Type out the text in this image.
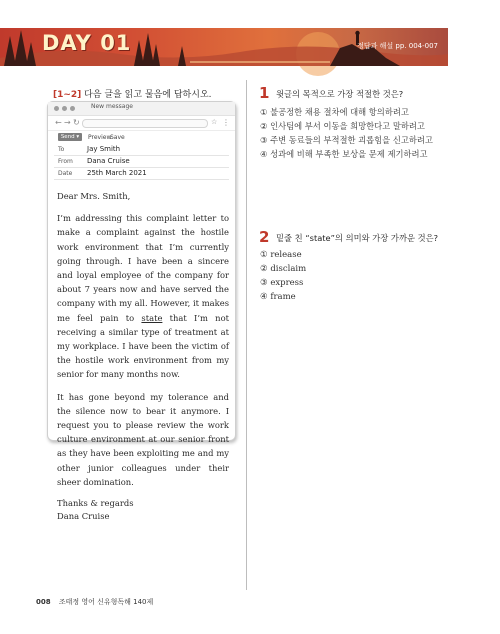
DAY 01	정답과 해설 pp. 004-007
[1~2] 다음 글을 읽고 물음에 답하시오.
New message
← → ↻	☆ ⋮
Send ▾	Preview
Save
To	Jay Smith
From Dana Cruise
Date 25th March 2021

Dear Mrs. Smith,

I’m addressing this complaint letter to make a complaint against the hostile work environment that I’m currently going through. I have been a sincere and loyal employee of the company for about 7 years now and have served the company with my all. However, it makes me feel pain to state that I’m not receiving a similar type of treatment at my workplace. I have been the victim of the hostile work environment from my senior for many months now.

It has gone beyond my tolerance and the silence now to bear it anymore. I request you to please review the work culture environment at our senior front as they have been exploiting me and my other junior colleagues under their sheer domination.

Thanks & regards

Dana Cruise

1 윗글의 목적으로 가장 적절한 것은?
① 불공정한 채용 절차에 대해 항의하려고
② 인사팀에 부서 이동을 희망한다고 말하려고
③ 주변 동료들의 부적절한 괴롭힘을 신고하려고
④ 성과에 비해 부족한 보상을 문제 제기하려고
2 밑줄 친 “state”의 의미와 가장 가까운 것은?
① release
② disclaim
③ express
④ frame
008 조태정 영어 신유형독해 140제
